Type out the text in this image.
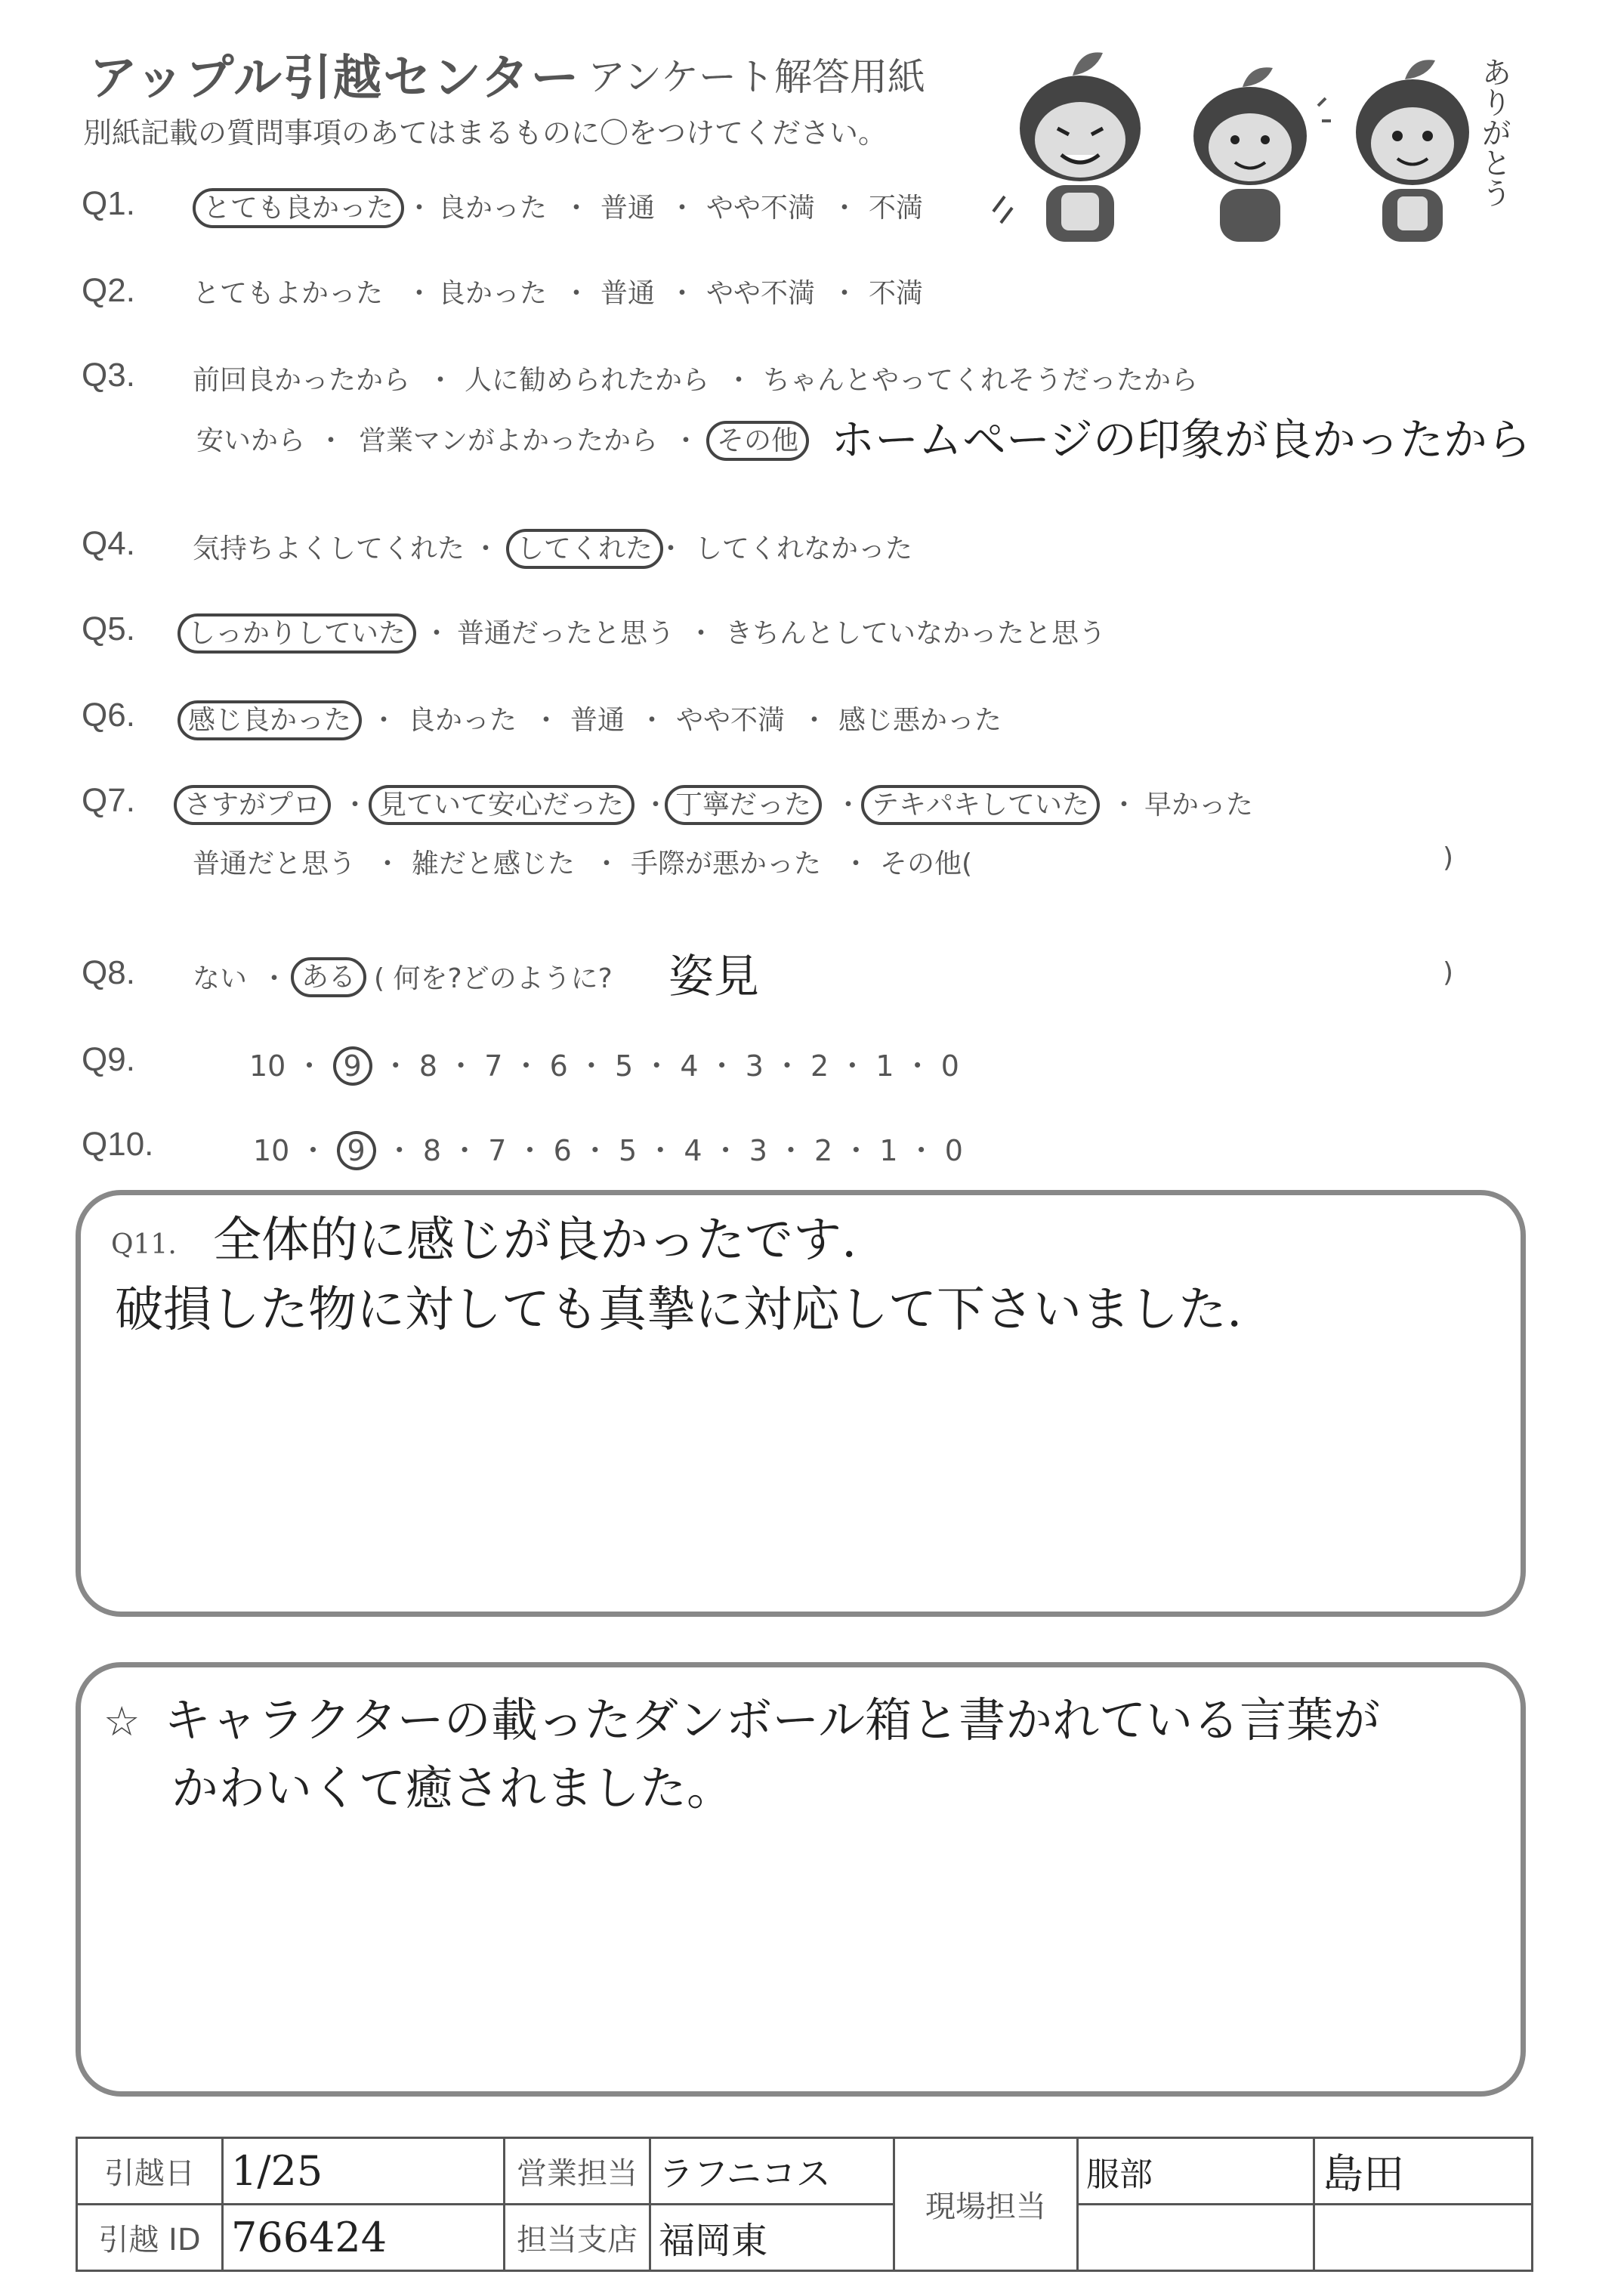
アップル引越センター アンケート解答用紙
別紙記載の質問事項のあてはまるものに〇をつけてください。	ありがとう
Q1.	とても良かった ・ 良かった ・ 普通 ・ やや不満 ・ 不満
Q2. とてもよかった ・ 良かった ・ 普通 ・ やや不満 ・ 不満
Q3. 前回良かったから ・ 人に勧められたから ・ ちゃんとやってくれそうだったから
安いから ・ 営業マンがよかったから ・ その他 ホームページの印象が良かったから
Q4. 気持ちよくしてくれた ・ してくれた ・ してくれなかった
Q5.	しっかりしていた ・ 普通だったと思う ・ きちんとしていなかったと思う
Q6.	感じ良かった ・ 良かった ・ 普通 ・ やや不満 ・ 感じ悪かった
Q7.	さすがプロ ・ 見ていて安心だった ・ 丁寧だった ・ テキパキしていた ・ 早かった
普通だと思う ・ 雑だと感じた ・ 手際が悪かった ・ その他(	)
Q8. ない ・ ある ( 何を?どのように? 姿見	)
Q9.	10 ・ 9 ・ 8 ・ 7 ・ 6 ・ 5 ・ 4 ・ 3 ・ 2 ・ 1 ・ 0
Q10.	10 ・ 9 ・ 8 ・ 7 ・ 6 ・ 5 ・ 4 ・ 3 ・ 2 ・ 1 ・ 0
Q11. 全体的に感じが良かったです.
破損した物に対しても真摯に対応して下さいました.
☆ キャラクターの載ったダンボール箱と書かれている言葉が
かわいくて癒されました。
引越日	1/25	営業担当	ラフニコス	現場担当	服部	島田
引越 ID	766424	担当支店	福岡東			
